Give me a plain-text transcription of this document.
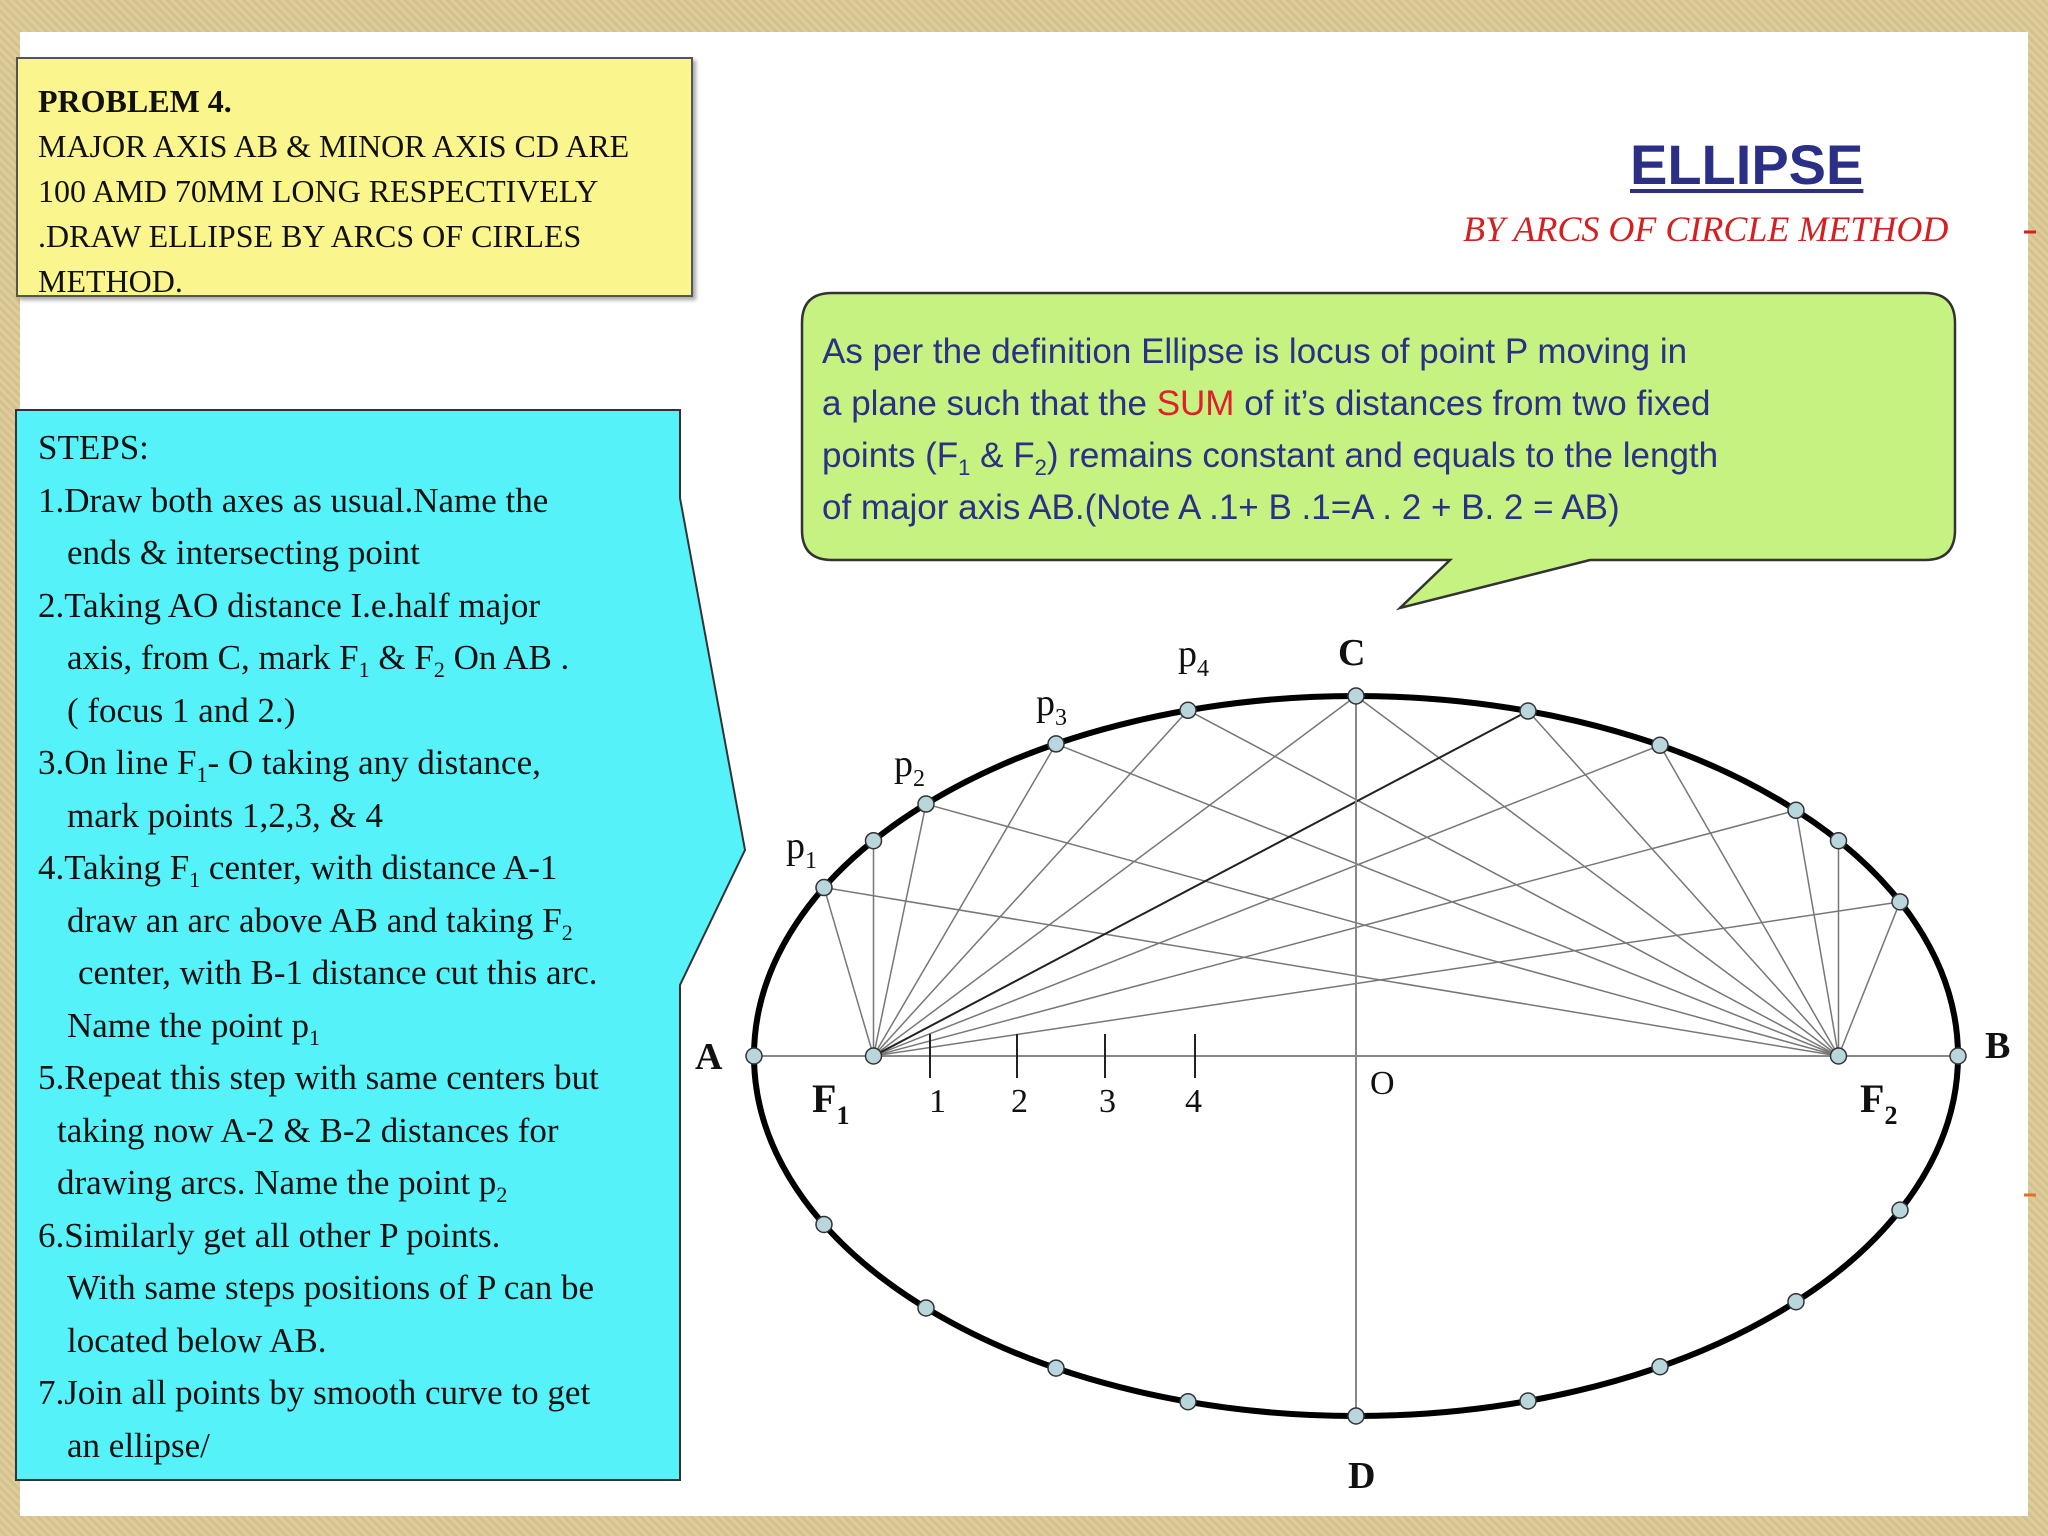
PROBLEM 4.
MAJOR AXIS AB & MINOR AXIS CD ARE
100 AMD 70MM LONG RESPECTIVELY
.DRAW ELLIPSE BY ARCS OF CIRLES
METHOD.
ELLIPSE
BY ARCS OF CIRCLE METHOD
STEPS:
1.Draw both axes as usual.Name the
ends & intersecting point
2.Taking AO distance I.e.half major
axis, from C, mark $F_1$ & $F_2$ On AB .
( focus 1 and 2.)
3.On line $F_1-$ O taking any distance,
mark points 1,2,3, & 4
4.Taking $F_1$ center, with distance A-1
draw an arc above AB and taking $F_2$
center, with B-1 distance cut this arc.
Name the point $p_1$
5.Repeat this step with same centers but
taking now A-2 & B-2 distances for
drawing arcs. Name the point $p_2$
6.Similarly get all other P points.
With same steps positions of P can be
located below AB.
7.Join all points by smooth curve to get
an ellipse/
As per the definition Ellipse is locus of point P moving in
a plane such that the SUM of it’s distances from two fixed
points ($F_1$ & $F_2$) remains constant and equals to the length
of major axis AB.(Note A .1+ B .1=A . 2 + B. 2 = AB)
A	B
C
D
O
$F_1$	$F_2$
1 2 3 4
$p_1$
$p_2$
$p_3$
$p_4$
